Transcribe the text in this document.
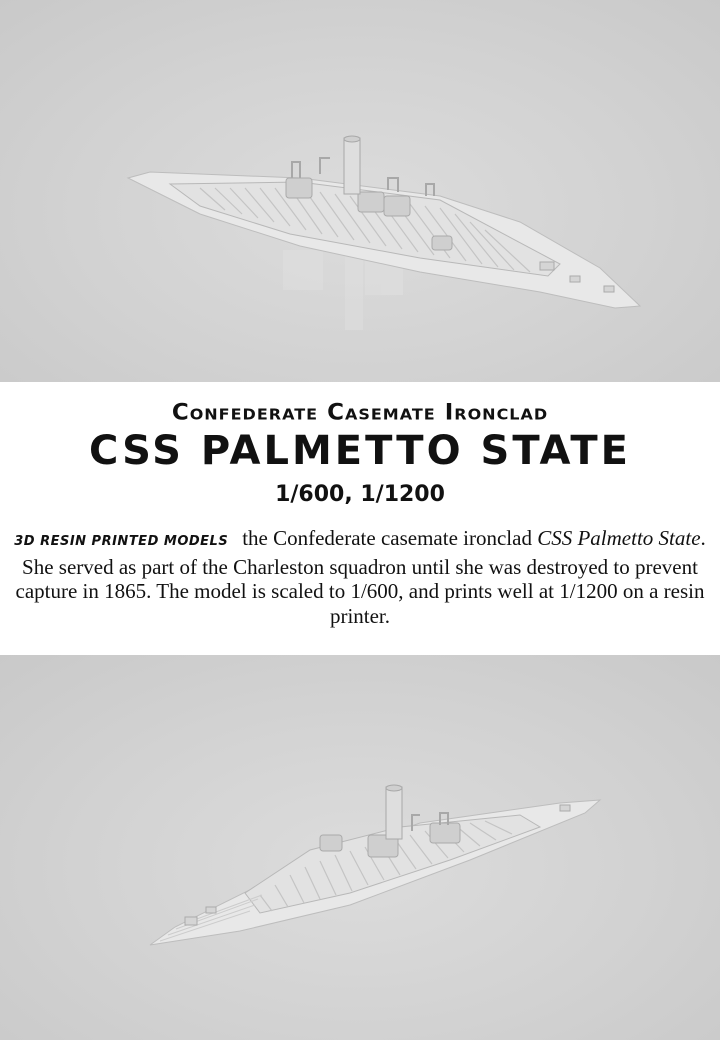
Confederate Casemate Ironclad
CSS PALMETTO STATE
1/600, 1/1200
3D RESIN PRINTED MODELS the Confederate casemate ironclad CSS Palmetto State. She served as part of the Charleston squadron until she was destroyed to prevent capture in 1865. The model is scaled to 1/600, and prints well at 1/1200 on a resin printer.
